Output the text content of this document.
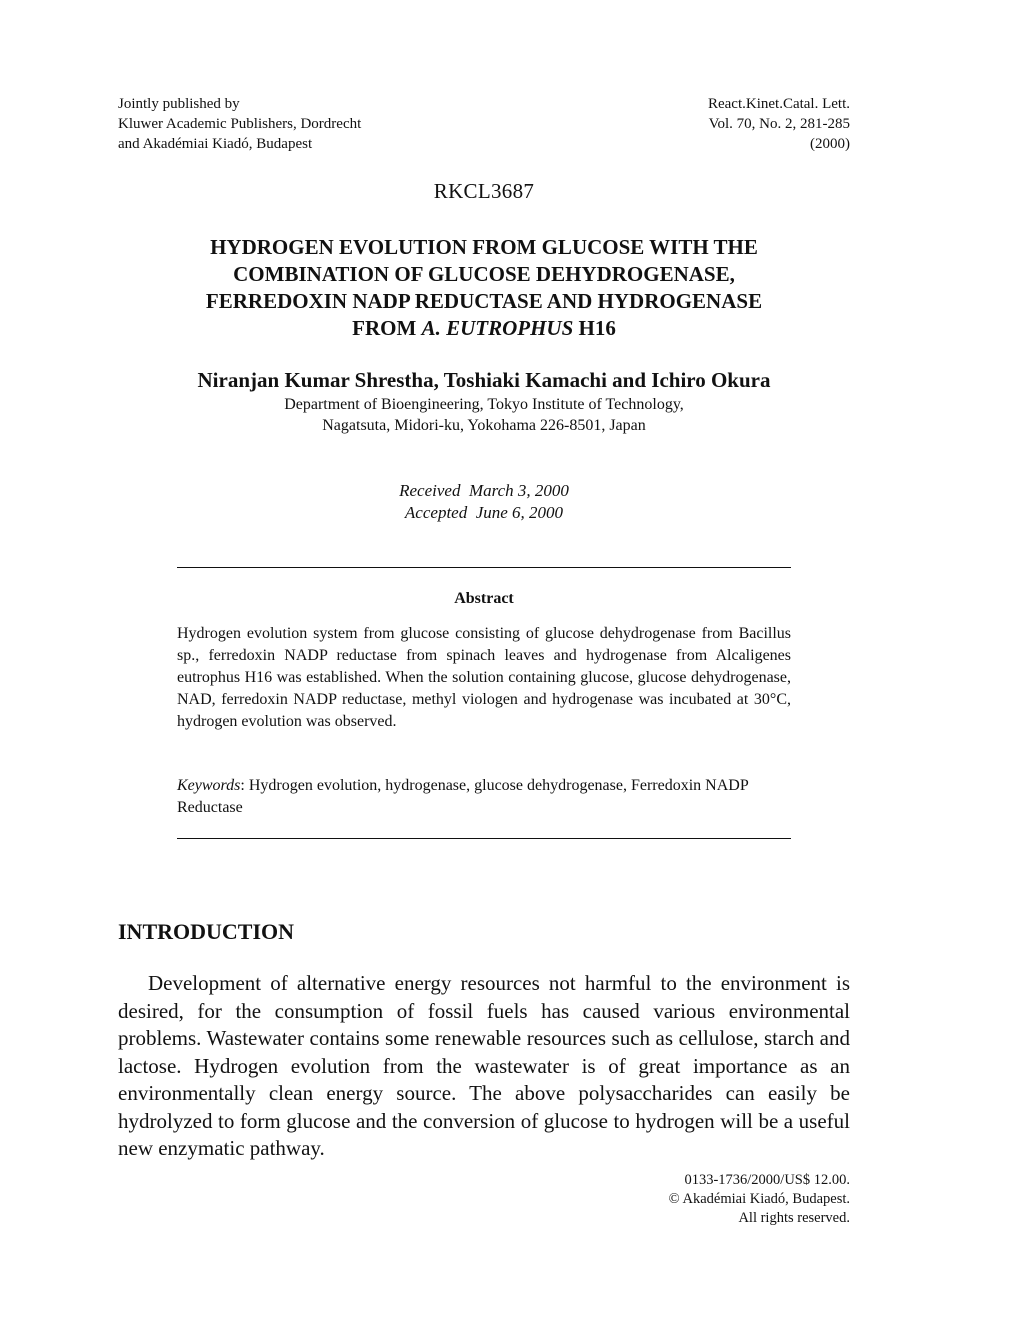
Jointly published by
Kluwer Academic Publishers, Dordrecht
and Akadémiai Kiadó, Budapest
React.Kinet.Catal. Lett.
Vol. 70, No. 2, 281-285
(2000)
RKCL3687
HYDROGEN EVOLUTION FROM GLUCOSE WITH THE
COMBINATION OF GLUCOSE DEHYDROGENASE,
FERREDOXIN NADP REDUCTASE AND HYDROGENASE
FROM A. EUTROPHUS H16
Niranjan Kumar Shrestha, Toshiaki Kamachi and Ichiro Okura
Department of Bioengineering, Tokyo Institute of Technology,
Nagatsuta, Midori-ku, Yokohama 226-8501, Japan
Received  March 3, 2000
Accepted  June 6, 2000
Abstract
Hydrogen evolution system from glucose consisting of glucose dehydrogenase from Bacillus sp., ferredoxin NADP reductase from spinach leaves and hydrogenase from Alcaligenes eutrophus H16 was established. When the solution containing glucose, glucose dehydrogenase, NAD, ferredoxin NADP reductase, methyl viologen and hydrogenase was incubated at 30°C, hydrogen evolution was observed.
Keywords: Hydrogen evolution, hydrogenase, glucose dehydrogenase, Ferredoxin NADP Reductase
INTRODUCTION
Development of alternative energy resources not harmful to the environment is desired, for the consumption of fossil fuels has caused various environmental problems. Wastewater contains some renewable resources such as cellulose, starch and lactose. Hydrogen evolution from the wastewater is of great importance as an environmentally clean energy source. The above polysaccharides can easily be hydrolyzed to form glucose and the conversion of glucose to hydrogen will be a useful new enzymatic pathway.
0133-1736/2000/US$ 12.00.
© Akadémiai Kiadó, Budapest.
All rights reserved.
